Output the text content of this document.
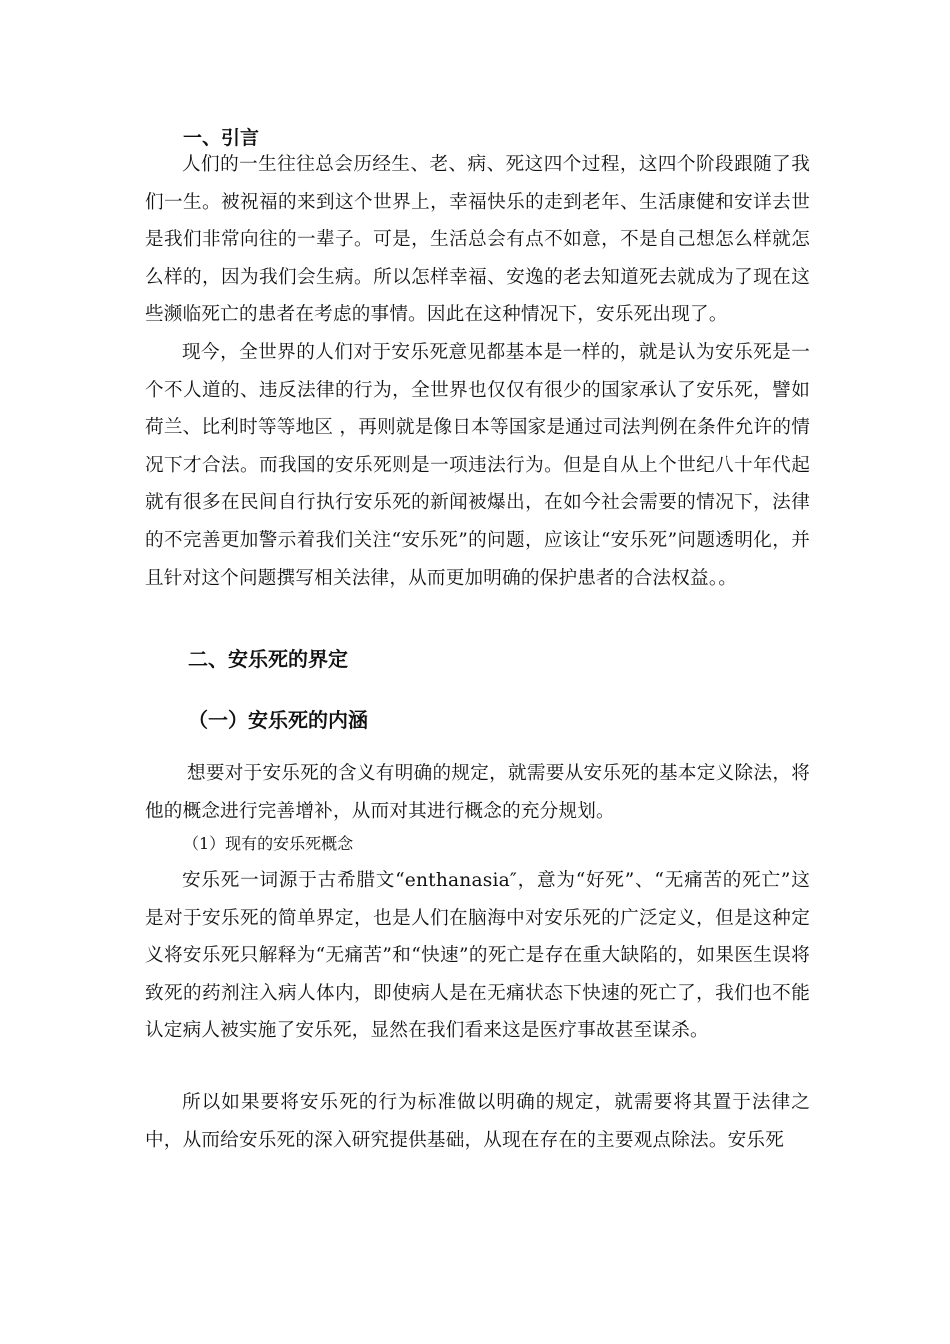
一、引言

人们的一生往往总会历经生、老、病、死这四个过程，这四个阶段跟随了我们一生。被祝福的来到这个世界上，幸福快乐的走到老年、生活康健和安详去世是我们非常向往的一辈子。可是，生活总会有点不如意，不是自己想怎么样就怎么样的，因为我们会生病。所以怎样幸福、安逸的老去知道死去就成为了现在这些濒临死亡的患者在考虑的事情。因此在这种情况下，安乐死出现了。

现今，全世界的人们对于安乐死意见都基本是一样的，就是认为安乐死是一个不人道的、违反法律的行为，全世界也仅仅有很少的国家承认了安乐死，譬如荷兰、比利时等等地区 ，再则就是像日本等国家是通过司法判例在条件允许的情况下才合法。而我国的安乐死则是一项违法行为。但是自从上个世纪八十年代起就有很多在民间自行执行安乐死的新闻被爆出，在如今社会需要的情况下，法律的不完善更加警示着我们关注“安乐死”的问题，应该让“安乐死”问题透明化，并且针对这个问题撰写相关法律，从而更加明确的保护患者的合法权益。。

二、安乐死的界定
（一）安乐死的内涵

想要对于安乐死的含义有明确的规定，就需要从安乐死的基本定义除法，将他的概念进行完善增补，从而对其进行概念的充分规划。

（1）现有的安乐死概念

安乐死一词源于古希腊文“enthanasia″，意为“好死”、“无痛苦的死亡”这是对于安乐死的简单界定，也是人们在脑海中对安乐死的广泛定义，但是这种定义将安乐死只解释为“无痛苦”和“快速”的死亡是存在重大缺陷的，如果医生误将致死的药剂注入病人体内，即使病人是在无痛状态下快速的死亡了，我们也不能认定病人被实施了安乐死，显然在我们看来这是医疗事故甚至谋杀。

所以如果要将安乐死的行为标准做以明确的规定，就需要将其置于法律之中，从而给安乐死的深入研究提供基础，从现在存在的主要观点除法。安乐死
